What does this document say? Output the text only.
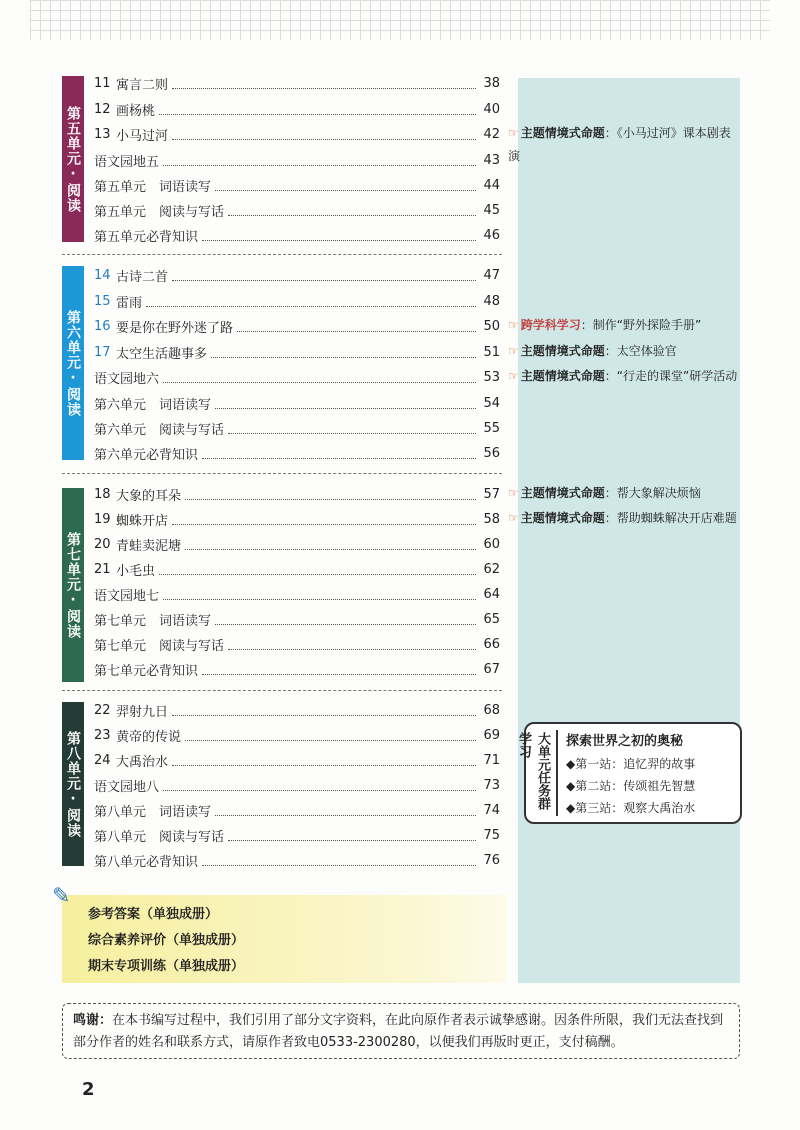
第五单元·阅读
第六单元·阅读
第七单元·阅读
第八单元·阅读
11 寓言二则	38
12 画杨桃	40
13 小马过河	42
语文园地五	43
第五单元　词语读写	44
第五单元　阅读与写话	45
第五单元必背知识	46
14 古诗二首	47
15 雷雨	48
16 要是你在野外迷了路	50
17 太空生活趣事多	51
语文园地六	53
第六单元　词语读写	54
第六单元　阅读与写话	55
第六单元必背知识	56
18 大象的耳朵	57
19 蜘蛛开店	58
20 青蛙卖泥塘	60
21 小毛虫	62
语文园地七	64
第七单元　词语读写	65
第七单元　阅读与写话	66
第七单元必背知识	67
22 羿射九日	68
23 黄帝的传说	69
24 大禹治水	71
语文园地八	73
第八单元　词语读写	74
第八单元　阅读与写话	75
第八单元必背知识	76
☞ 主题情境式命题：《小马过河》课本剧表演
☞ 跨学科学习：制作“野外探险手册”
☞ 主题情境式命题：太空体验官
☞ 主题情境式命题：“行走的课堂”研学活动
☞ 主题情境式命题：帮大象解决烦恼
☞ 主题情境式命题：帮助蜘蛛解决开店难题
大单元任务群学习	探索世界之初的奥秘
◆第一站：追忆羿的故事
◆第二站：传颂祖先智慧
◆第三站：观察大禹治水
✎
参考答案（单独成册）
综合素养评价（单独成册）
期末专项训练（单独成册）
鸣谢：在本书编写过程中，我们引用了部分文字资料，在此向原作者表示诚挚感谢。因条件所限，我们无法查找到部分作者的姓名和联系方式，请原作者致电0533-2300280，以便我们再版时更正，支付稿酬。
2
